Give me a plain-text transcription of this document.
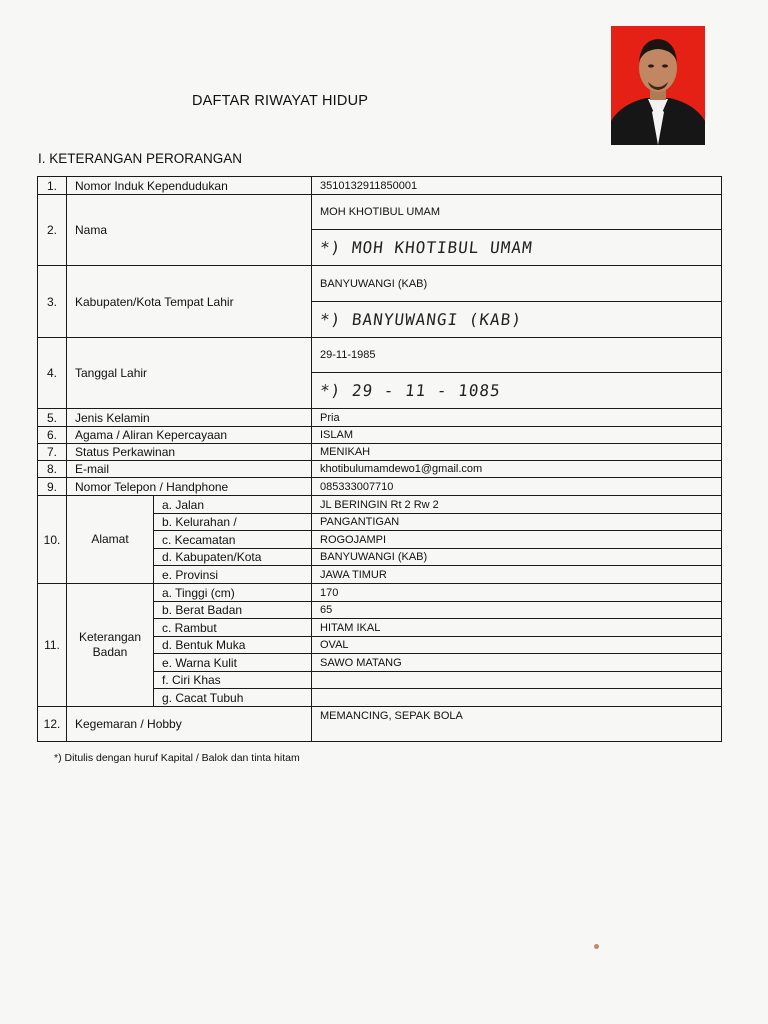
DAFTAR RIWAYAT HIDUP
I. KETERANGAN PERORANGAN
1.	Nomor Induk Kependudukan		3510132911850001
2.	Nama		MOH KHOTIBUL UMAM
			*) MOH KHOTIBUL UMAM
3.	Kabupaten/Kota Tempat Lahir		BANYUWANGI (KAB)
			*) BANYUWANGI (KAB)
4.	Tanggal Lahir		29-11-1985
			*) 29 - 11 - 1085
5.	Jenis Kelamin		Pria
6.	Agama / Aliran Kepercayaan		ISLAM
7.	Status Perkawinan		MENIKAH
8.	E-mail		khotibulumamdewo1@gmail.com
9.	Nomor Telepon / Handphone		085333007710
10.	Alamat	a. Jalan	JL BERINGIN Rt 2 Rw 2
		b. Kelurahan /	PANGANTIGAN
		c. Kecamatan	ROGOJAMPI
		d. Kabupaten/Kota	BANYUWANGI (KAB)
		e. Provinsi	JAWA TIMUR
11.	Keterangan Badan	a. Tinggi (cm)	170
		b. Berat Badan	65
		c. Rambut	HITAM IKAL
		d. Bentuk Muka	OVAL
		e. Warna Kulit	SAWO MATANG
		f. Ciri Khas	
		g. Cacat Tubuh	
12.	Kegemaran / Hobby		MEMANCING, SEPAK BOLA
*) Ditulis dengan huruf Kapital / Balok dan tinta hitam
